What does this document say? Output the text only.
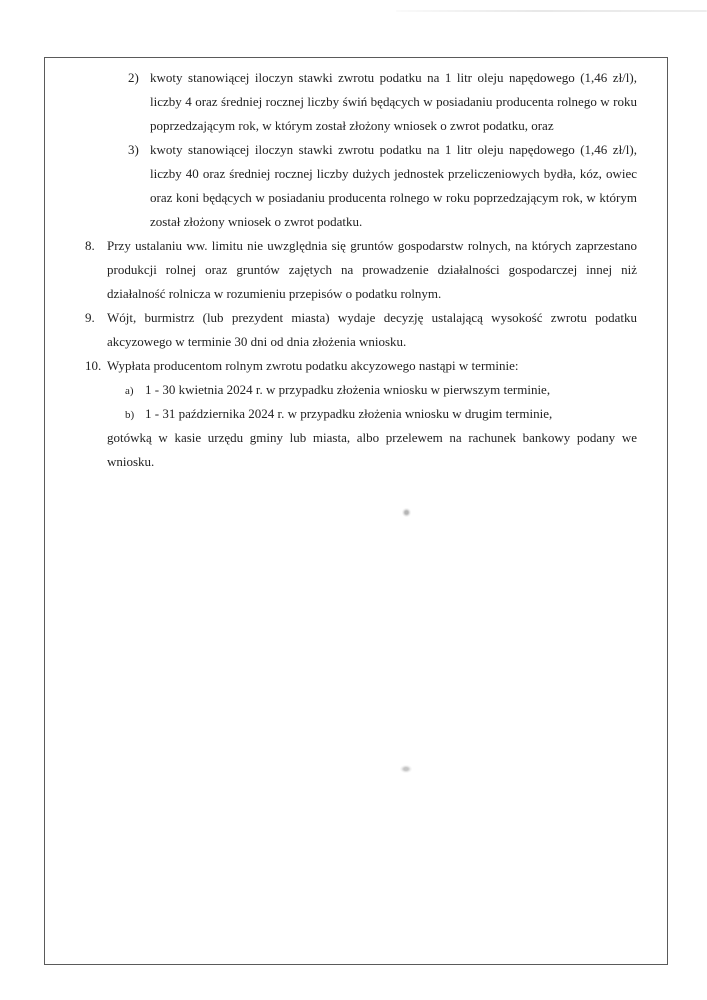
2) kwoty stanowiącej iloczyn stawki zwrotu podatku na 1 litr oleju napędowego (1,46 zł/l), liczby 4 oraz średniej rocznej liczby świń będących w posiadaniu producenta rolnego w roku poprzedzającym rok, w którym został złożony wniosek o zwrot podatku, oraz
3) kwoty stanowiącej iloczyn stawki zwrotu podatku na 1 litr oleju napędowego (1,46 zł/l), liczby 40 oraz średniej rocznej liczby dużych jednostek przeliczeniowych bydła, kóz, owiec oraz koni będących w posiadaniu producenta rolnego w roku poprzedzającym rok, w którym został złożony wniosek o zwrot podatku.
8. Przy ustalaniu ww. limitu nie uwzględnia się gruntów gospodarstw rolnych, na których zaprzestano produkcji rolnej oraz gruntów zajętych na prowadzenie działalności gospodarczej innej niż działalność rolnicza w rozumieniu przepisów o podatku rolnym.
9. Wójt, burmistrz (lub prezydent miasta) wydaje decyzję ustalającą wysokość zwrotu podatku akcyzowego w terminie 30 dni od dnia złożenia wniosku.
10. Wypłata producentom rolnym zwrotu podatku akcyzowego nastąpi w terminie:
a) 1 - 30 kwietnia 2024 r. w przypadku złożenia wniosku w pierwszym terminie,
b) 1 - 31 października 2024 r. w przypadku złożenia wniosku w drugim terminie,
gotówką w kasie urzędu gminy lub miasta, albo przelewem na rachunek bankowy podany we wniosku.
